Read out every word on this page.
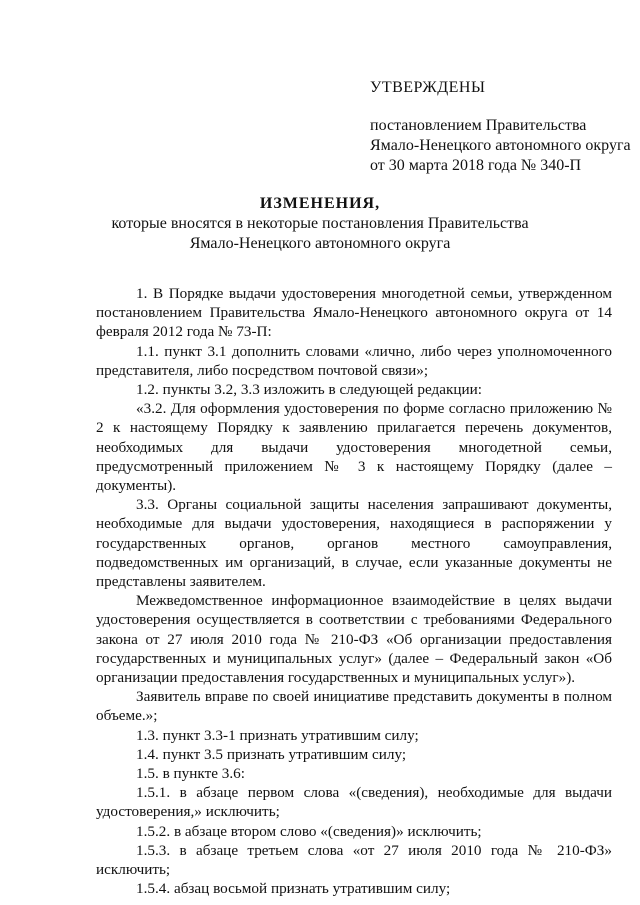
УТВЕРЖДЕНЫ
постановлением Правительства
Ямало-Ненецкого автономного округа
от 30 марта 2018 года № 340-П
ИЗМЕНЕНИЯ,
которые вносятся в некоторые постановления Правительства
Ямало-Ненецкого автономного округа

1. В Порядке выдачи удостоверения многодетной семьи, утвержденном постановлением Правительства Ямало-Ненецкого автономного округа от 14 февраля 2012 года № 73-П:

1.1. пункт 3.1 дополнить словами «лично, либо через уполномоченного представителя, либо посредством почтовой связи»;

1.2. пункты 3.2, 3.3 изложить в следующей редакции:

«3.2. Для оформления удостоверения по форме согласно приложению № 2 к настоящему Порядку к заявлению прилагается перечень документов, необходимых для выдачи удостоверения многодетной семьи, предусмотренный приложением № 3 к настоящему Порядку (далее – документы).

3.3. Органы социальной защиты населения запрашивают документы, необходимые для выдачи удостоверения, находящиеся в распоряжении у государственных органов, органов местного самоуправления, подведомственных им организаций, в случае, если указанные документы не представлены заявителем.

Межведомственное информационное взаимодействие в целях выдачи удостоверения осуществляется в соответствии с требованиями Федерального закона от 27 июля 2010 года № 210-ФЗ «Об организации предоставления государственных и муниципальных услуг» (далее – Федеральный закон «Об организации предоставления государственных и муниципальных услуг»).

Заявитель вправе по своей инициативе представить документы в полном объеме.»;

1.3. пункт 3.3-1 признать утратившим силу;

1.4. пункт 3.5 признать утратившим силу;

1.5. в пункте 3.6:

1.5.1. в абзаце первом слова «(сведения), необходимые для выдачи удостоверения,» исключить;

1.5.2. в абзаце втором слово «(сведения)» исключить;

1.5.3. в абзаце третьем слова «от 27 июля 2010 года № 210-ФЗ» исключить;

1.5.4. абзац восьмой признать утратившим силу;
